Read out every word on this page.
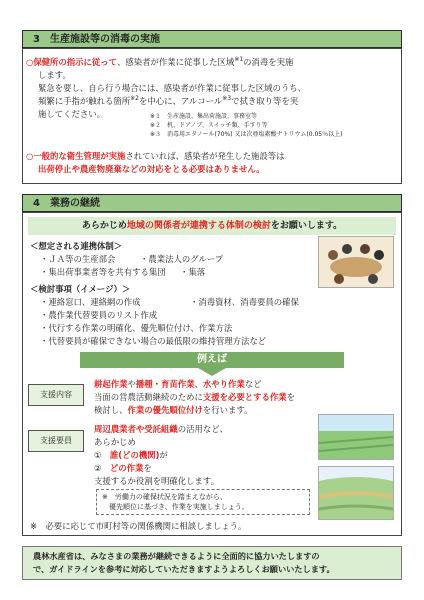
3　生産施設等の消毒の実施
○保健所の指示に従って、感染者が作業に従事した区域$^{※1}$の消毒を実施
します。
緊急を要し、自ら行う場合には、感染者が作業に従事した区域のうち、
頻繁に手指が触れる箇所$^{※2}$を中心に、アルコール$^{※3}$で拭き取り等を実
施してください。	※１　生産施設、集出荷施設、事務室等
※２　机、ドアノブ、スイッチ類、手すり等
※３　消毒用エタノール(70%) 又は次亜塩素酸ナトリウム(0.05％以上)
○一般的な衛生管理が実施されていれば、感染者が発生した施設等は
出荷停止や農産物廃棄などの対応をとる必要はありません。
4　業務の継続
あらかじめ地域の関係者が連携する体制の検討をお願いします。
＜想定される連携体制＞
・ＪＡ等の生産部会	・農業法人のグループ
・集出荷事業者等を共有する集団 ・集落
＜検討事項（イメージ）＞
・連絡窓口、連絡網の作成	・消毒資材、消毒要員の確保
・農作業代替要員のリスト作成
・代行する作業の明確化、優先順位付け、作業方法
・代替要員が確保できない場合の最低限の維持管理方法など
例えば
支援内容
耕起作業や播種・育苗作業、水やり作業など
当面の営農活動継続のために支援を必要とする作業を
検討し、作業の優先順位付けを行います。
支援要員
周辺農業者や受託組織の活用など、
あらかじめ
①　誰(どの機関)が
②　どの作業を
支援するか役割を明確化します。
※　労働力の確保状況を踏まえながら、
　優先順位に基づき、作業を実施しましょう。
※　必要に応じて市町村等の関係機関に相談しましょう。
農林水産省は、みなさまの業務が継続できるように全面的に協力いたしますの
で、ガイドラインを参考に対応していただきますようよろしくお願いいたします。
